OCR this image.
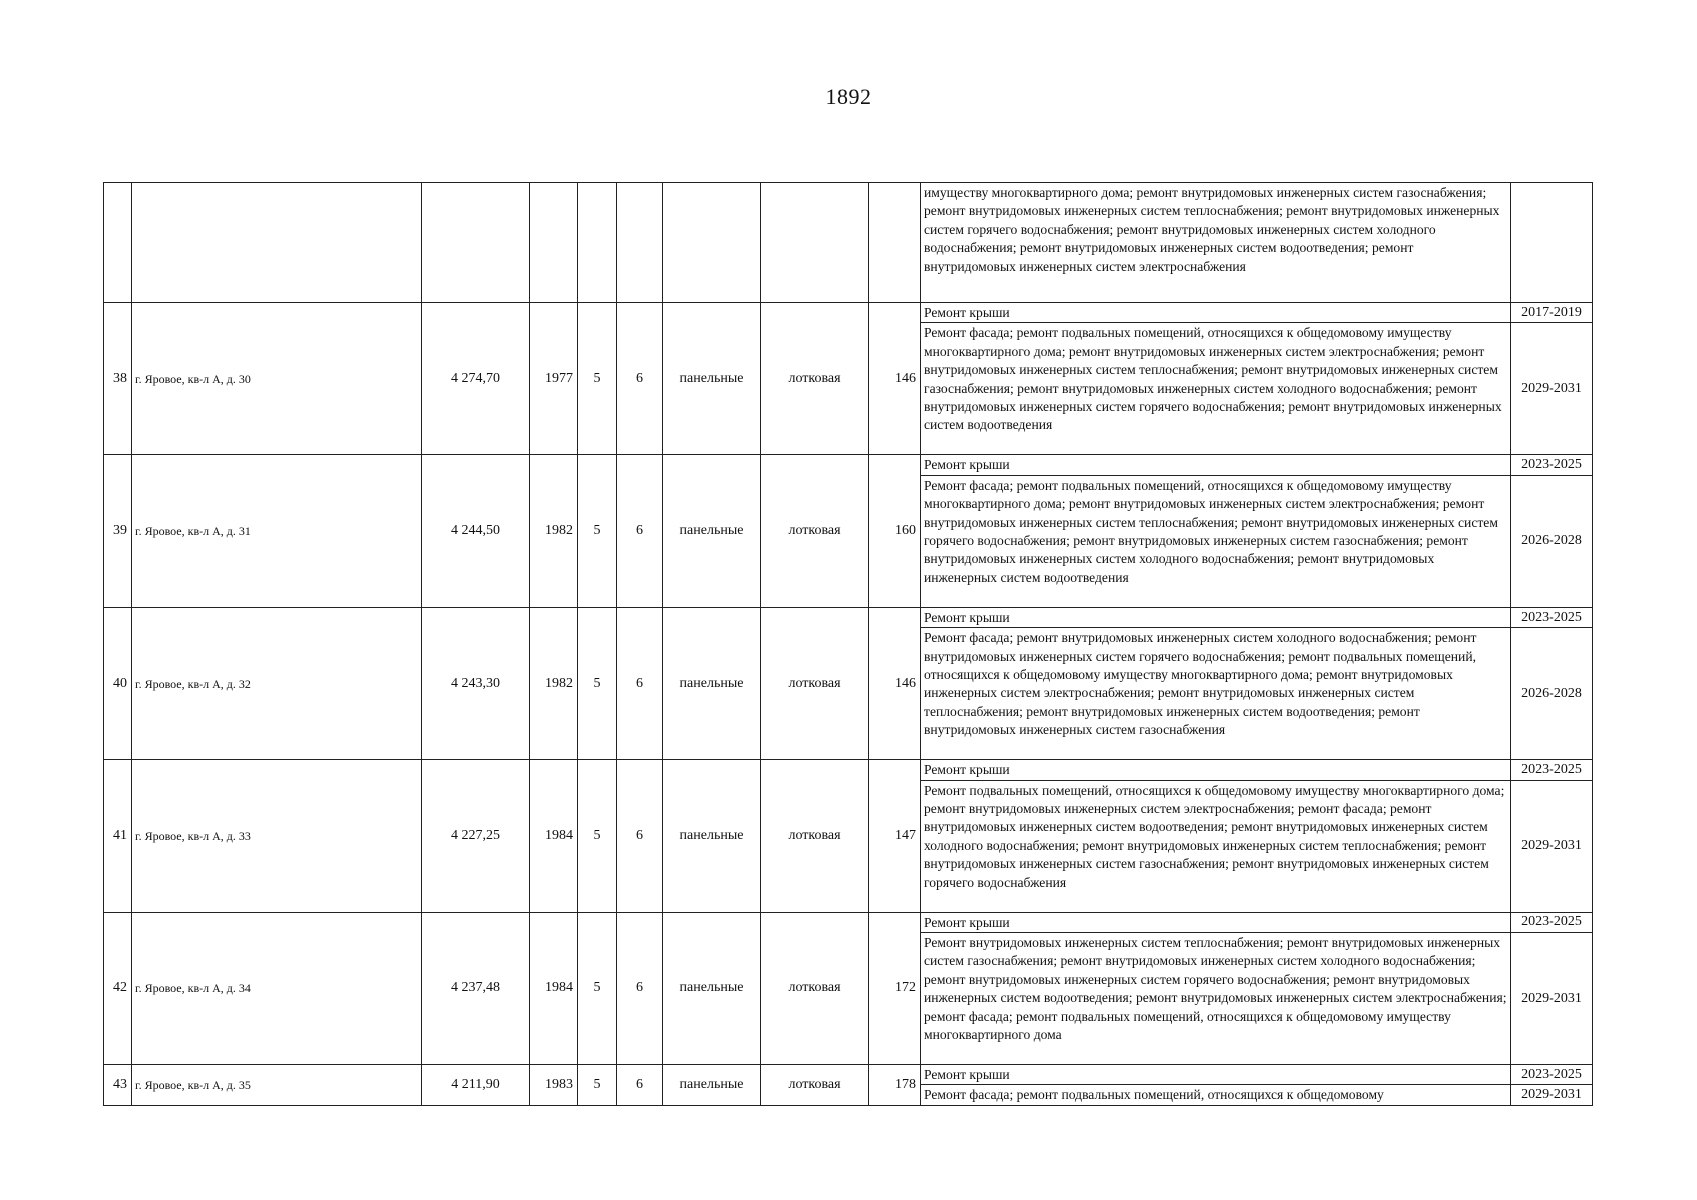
1892
									имуществу многоквартирного дома; ремонт внутридомовых инженерных систем газоснабжения; ремонт внутридомовых инженерных систем теплоснабжения; ремонт внутридомовых инженерных систем горячего водоснабжения; ремонт внутридомовых инженерных систем холодного водоснабжения; ремонт внутридомовых инженерных систем водоотведения; ремонт внутридомовых инженерных систем электроснабжения	
38	г. Яровое, кв-л А, д. 30	4 274,70	1977	5	6	панельные	лотковая	146	Ремонт крыши	2017-2019
									Ремонт фасада; ремонт подвальных помещений, относящихся к общедомовому имуществу многоквартирного дома; ремонт внутридомовых инженерных систем электроснабжения; ремонт внутридомовых инженерных систем теплоснабжения; ремонт внутридомовых инженерных систем газоснабжения; ремонт внутридомовых инженерных систем холодного водоснабжения; ремонт внутридомовых инженерных систем горячего водоснабжения; ремонт внутридомовых инженерных систем водоотведения	2029-2031
39	г. Яровое, кв-л А, д. 31	4 244,50	1982	5	6	панельные	лотковая	160	Ремонт крыши	2023-2025
									Ремонт фасада; ремонт подвальных помещений, относящихся к общедомовому имуществу многоквартирного дома; ремонт внутридомовых инженерных систем электроснабжения; ремонт внутридомовых инженерных систем теплоснабжения; ремонт внутридомовых инженерных систем горячего водоснабжения; ремонт внутридомовых инженерных систем газоснабжения; ремонт внутридомовых инженерных систем холодного водоснабжения; ремонт внутридомовых инженерных систем водоотведения	2026-2028
40	г. Яровое, кв-л А, д. 32	4 243,30	1982	5	6	панельные	лотковая	146	Ремонт крыши	2023-2025
									Ремонт фасада; ремонт внутридомовых инженерных систем холодного водоснабжения; ремонт внутридомовых инженерных систем горячего водоснабжения; ремонт подвальных помещений, относящихся к общедомовому имуществу многоквартирного дома; ремонт внутридомовых инженерных систем электроснабжения; ремонт внутридомовых инженерных систем теплоснабжения; ремонт внутридомовых инженерных систем водоотведения; ремонт внутридомовых инженерных систем газоснабжения	2026-2028
41	г. Яровое, кв-л А, д. 33	4 227,25	1984	5	6	панельные	лотковая	147	Ремонт крыши	2023-2025
									Ремонт подвальных помещений, относящихся к общедомовому имуществу многоквартирного дома; ремонт внутридомовых инженерных систем электроснабжения; ремонт фасада; ремонт внутридомовых инженерных систем водоотведения; ремонт внутридомовых инженерных систем холодного водоснабжения; ремонт внутридомовых инженерных систем теплоснабжения; ремонт внутридомовых инженерных систем газоснабжения; ремонт внутридомовых инженерных систем горячего водоснабжения	2029-2031
42	г. Яровое, кв-л А, д. 34	4 237,48	1984	5	6	панельные	лотковая	172	Ремонт крыши	2023-2025
									Ремонт внутридомовых инженерных систем теплоснабжения; ремонт внутридомовых инженерных систем газоснабжения; ремонт внутридомовых инженерных систем холодного водоснабжения; ремонт внутридомовых инженерных систем горячего водоснабжения; ремонт внутридомовых инженерных систем водоотведения; ремонт внутридомовых инженерных систем электроснабжения; ремонт фасада; ремонт подвальных помещений, относящихся к общедомовому имуществу многоквартирного дома	2029-2031
43	г. Яровое, кв-л А, д. 35	4 211,90	1983	5	6	панельные	лотковая	178	Ремонт крыши	2023-2025
									Ремонт фасада; ремонт подвальных помещений, относящихся к общедомовому	2029-2031
